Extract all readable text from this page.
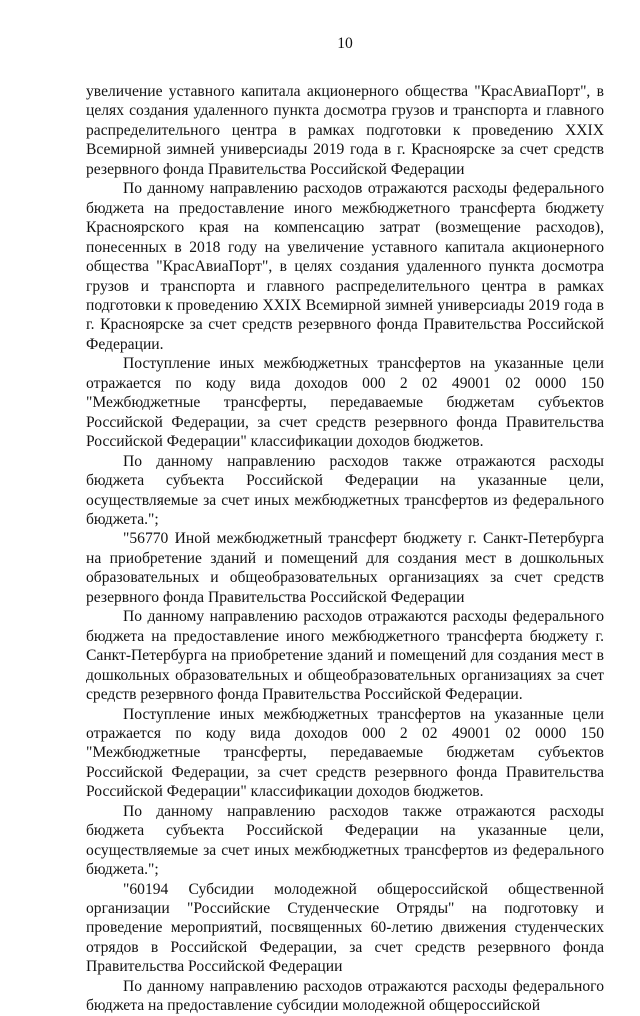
10

увеличение уставного капитала акционерного общества "КрасАвиаПорт", в целях создания удаленного пункта досмотра грузов и транспорта и главного распределительного центра в рамках подготовки к проведению XXIX Всемирной зимней универсиады 2019 года в г. Красноярске за счет средств резервного фонда Правительства Российской Федерации

По данному направлению расходов отражаются расходы федерального бюджета на предоставление иного межбюджетного трансферта бюджету Красноярского края на компенсацию затрат (возмещение расходов), понесенных в 2018 году на увеличение уставного капитала акционерного общества "КрасАвиаПорт", в целях создания удаленного пункта досмотра грузов и транспорта и главного распределительного центра в рамках подготовки к проведению XXIX Всемирной зимней универсиады 2019 года в г. Красноярске за счет средств резервного фонда Правительства Российской Федерации.

Поступление иных межбюджетных трансфертов на указанные цели отражается по коду вида доходов 000 2 02 49001 02 0000 150 "Межбюджетные трансферты, передаваемые бюджетам субъектов Российской Федерации, за счет средств резервного фонда Правительства Российской Федерации" классификации доходов бюджетов.

По данному направлению расходов также отражаются расходы бюджета субъекта Российской Федерации на указанные цели, осуществляемые за счет иных межбюджетных трансфертов из федерального бюджета.";

"56770 Иной межбюджетный трансферт бюджету г. Санкт-Петербурга на приобретение зданий и помещений для создания мест в дошкольных образовательных и общеобразовательных организациях за счет средств резервного фонда Правительства Российской Федерации

По данному направлению расходов отражаются расходы федерального бюджета на предоставление иного межбюджетного трансферта бюджету г. Санкт-Петербурга на приобретение зданий и помещений для создания мест в дошкольных образовательных и общеобразовательных организациях за счет средств резервного фонда Правительства Российской Федерации.

Поступление иных межбюджетных трансфертов на указанные цели отражается по коду вида доходов 000 2 02 49001 02 0000 150 "Межбюджетные трансферты, передаваемые бюджетам субъектов Российской Федерации, за счет средств резервного фонда Правительства Российской Федерации" классификации доходов бюджетов.

По данному направлению расходов также отражаются расходы бюджета субъекта Российской Федерации на указанные цели, осуществляемые за счет иных межбюджетных трансфертов из федерального бюджета.";

"60194 Субсидии молодежной общероссийской общественной организации "Российские Студенческие Отряды" на подготовку и проведение мероприятий, посвященных 60-летию движения студенческих отрядов в Российской Федерации, за счет средств резервного фонда Правительства Российской Федерации

По данному направлению расходов отражаются расходы федерального бюджета на предоставление субсидии молодежной общероссийской
